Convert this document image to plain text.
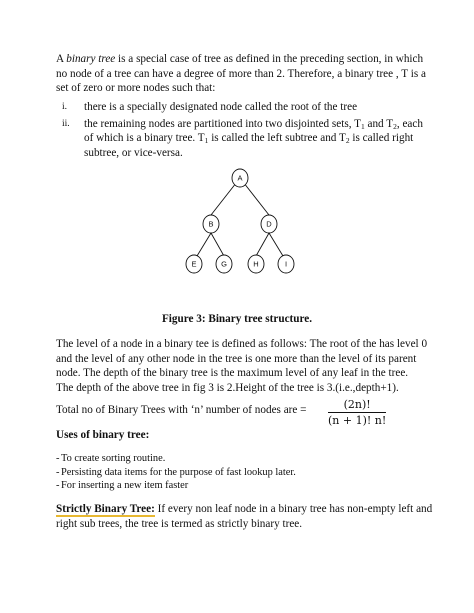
A binary tree is a special case of tree as defined in the preceding section, in which no node of a tree can have a degree of more than 2. Therefore, a binary tree , T is a set of zero or more nodes such that:

i. there is a specially designated node called the root of the tree
ii. the remaining nodes are partitioned into two disjointed sets, $T_1$ and $T_2$, each of which is a binary tree. $T_1$ is called the left subtree and $T_2$ is called right subtree, or vice-versa.
A
B	D
E	G	H	I

Figure 3: Binary tree structure.

The level of a node in a binary tee is defined as follows: The root of the has level 0 and the level of any other node in the tree is one more than the level of its parent node. The depth of the binary tree is the maximum level of any leaf in the tree. The depth of the above tree in fig 3 is 2.Height of the tree is 3.(i.e.,depth+1).

Total no of Binary Trees with ‘n’ number of nodes are = $\frac{(2n)!}{(n + 1)! n!}$

Uses of binary tree:

- To create sorting routine.
- Persisting data items for the purpose of fast lookup later.
- For inserting a new item faster

Strictly Binary Tree:
If every non leaf node in a binary tree has non-empty left and right sub trees, the tree is termed as strictly binary tree.
